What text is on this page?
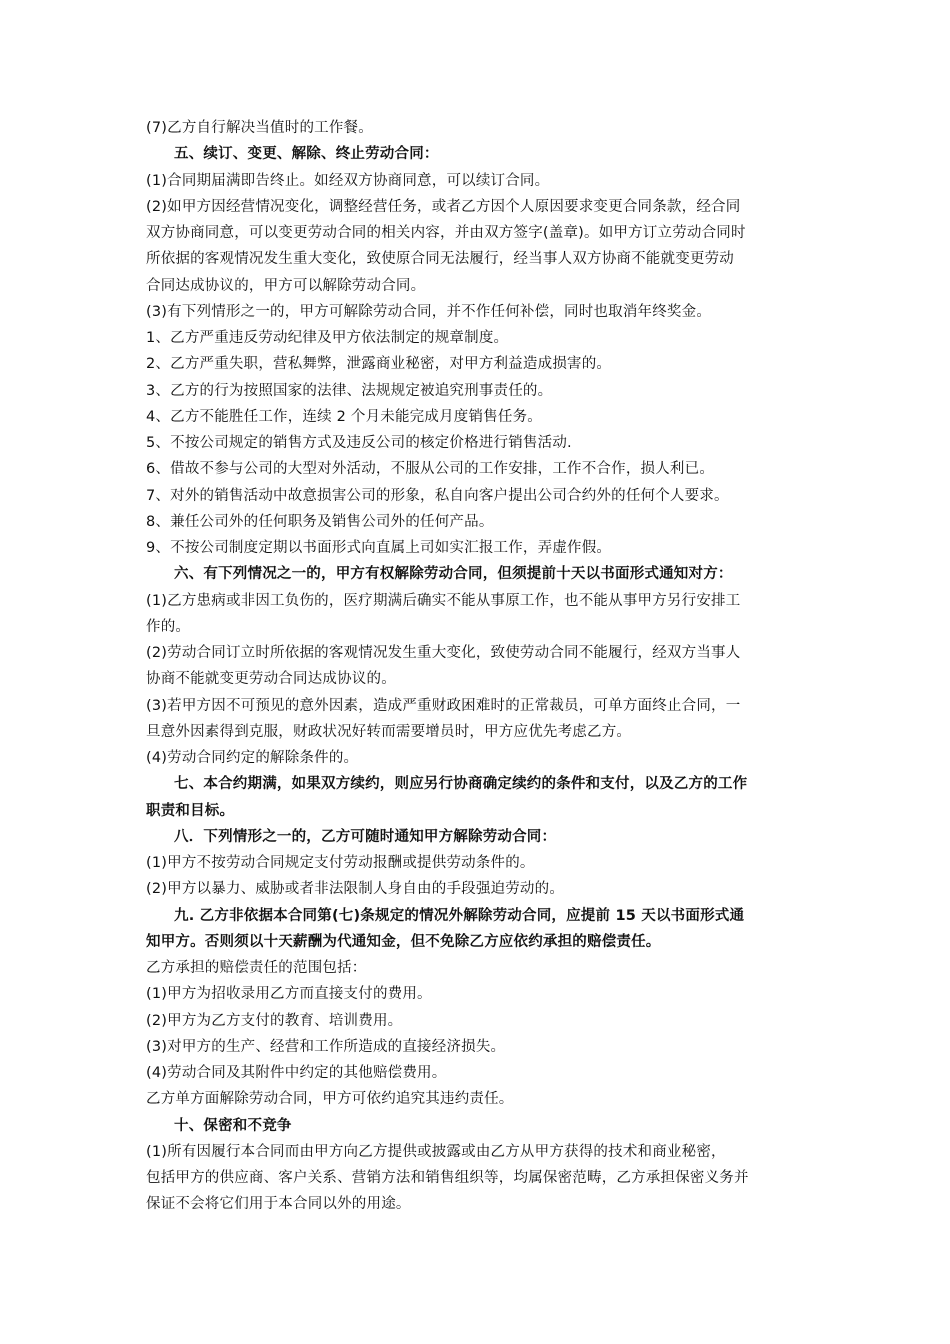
(7)乙方自行解决当值时的工作餐。
五、续订、变更、解除、终止劳动合同：
(1)合同期届满即告终止。如经双方协商同意，可以续订合同。
(2)如甲方因经营情况变化，调整经营任务，或者乙方因个人原因要求变更合同条款，经合同
双方协商同意，可以变更劳动合同的相关内容，并由双方签字(盖章)。如甲方订立劳动合同时
所依据的客观情况发生重大变化，致使原合同无法履行，经当事人双方协商不能就变更劳动
合同达成协议的，甲方可以解除劳动合同。
(3)有下列情形之一的，甲方可解除劳动合同，并不作任何补偿，同时也取消年终奖金。
1、乙方严重违反劳动纪律及甲方依法制定的规章制度。
2、乙方严重失职，营私舞弊，泄露商业秘密，对甲方利益造成损害的。
3、乙方的行为按照国家的法律、法规规定被追究刑事责任的。
4、乙方不能胜任工作，连续 2 个月未能完成月度销售任务。
5、不按公司规定的销售方式及违反公司的核定价格进行销售活动.
6、借故不参与公司的大型对外活动，不服从公司的工作安排，工作不合作，损人利已。
7、对外的销售活动中故意损害公司的形象，私自向客户提出公司合约外的任何个人要求。
8、兼任公司外的任何职务及销售公司外的任何产品。
9、不按公司制度定期以书面形式向直属上司如实汇报工作，弄虚作假。
六、有下列情况之一的，甲方有权解除劳动合同，但须提前十天以书面形式通知对方：
(1)乙方患病或非因工负伤的，医疗期满后确实不能从事原工作，也不能从事甲方另行安排工
作的。
(2)劳动合同订立时所依据的客观情况发生重大变化，致使劳动合同不能履行，经双方当事人
协商不能就变更劳动合同达成协议的。
(3)若甲方因不可预见的意外因素，造成严重财政困难时的正常裁员，可单方面终止合同，一
旦意外因素得到克服，财政状况好转而需要增员时，甲方应优先考虑乙方。
(4)劳动合同约定的解除条件的。
七、本合约期满，如果双方续约，则应另行协商确定续约的条件和支付，以及乙方的工作
职责和目标。
八．下列情形之一的，乙方可随时通知甲方解除劳动合同：
(1)甲方不按劳动合同规定支付劳动报酬或提供劳动条件的。
(2)甲方以暴力、威胁或者非法限制人身自由的手段强迫劳动的。
九. 乙方非依据本合同第(七)条规定的情况外解除劳动合同，应提前 15 天以书面形式通
知甲方。否则须以十天薪酬为代通知金，但不免除乙方应依约承担的赔偿责任。
乙方承担的赔偿责任的范围包括：
(1)甲方为招收录用乙方而直接支付的费用。
(2)甲方为乙方支付的教育、培训费用。
(3)对甲方的生产、经营和工作所造成的直接经济损失。
(4)劳动合同及其附件中约定的其他赔偿费用。
乙方单方面解除劳动合同，甲方可依约追究其违约责任。
十、保密和不竞争
(1)所有因履行本合同而由甲方向乙方提供或披露或由乙方从甲方获得的技术和商业秘密，
包括甲方的供应商、客户关系、营销方法和销售组织等，均属保密范畴，乙方承担保密义务并
保证不会将它们用于本合同以外的用途。
